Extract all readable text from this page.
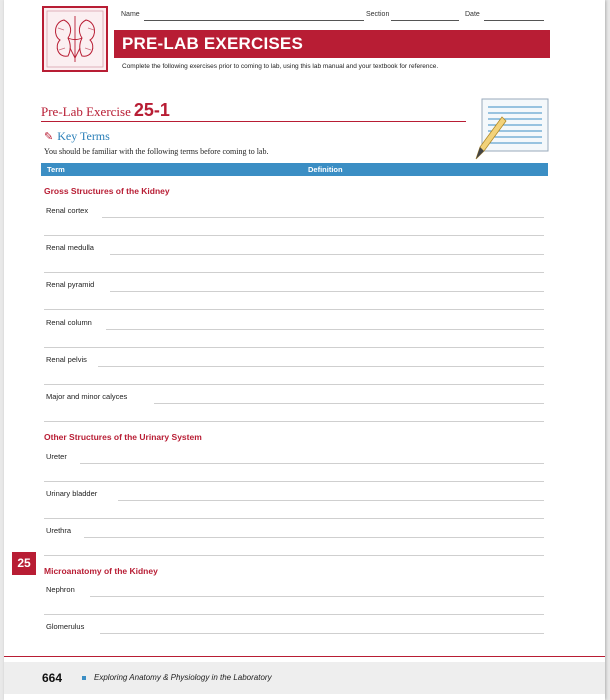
Name	Section	Date
PRE-LAB EXERCISES
Complete the following exercises prior to coming to lab, using this lab manual and your textbook for reference.
Pre-Lab Exercise 25-1
✎ Key Terms
You should be familiar with the following terms before coming to lab.
Term	Definition
Gross Structures of the Kidney
Renal cortex
Renal medulla
Renal pyramid
Renal column
Renal pelvis
Major and minor calyces
Other Structures of the Urinary System
Ureter
Urinary bladder
Urethra
Microanatomy of the Kidney
Nephron
Glomerulus
25
664	Exploring Anatomy & Physiology in the Laboratory
